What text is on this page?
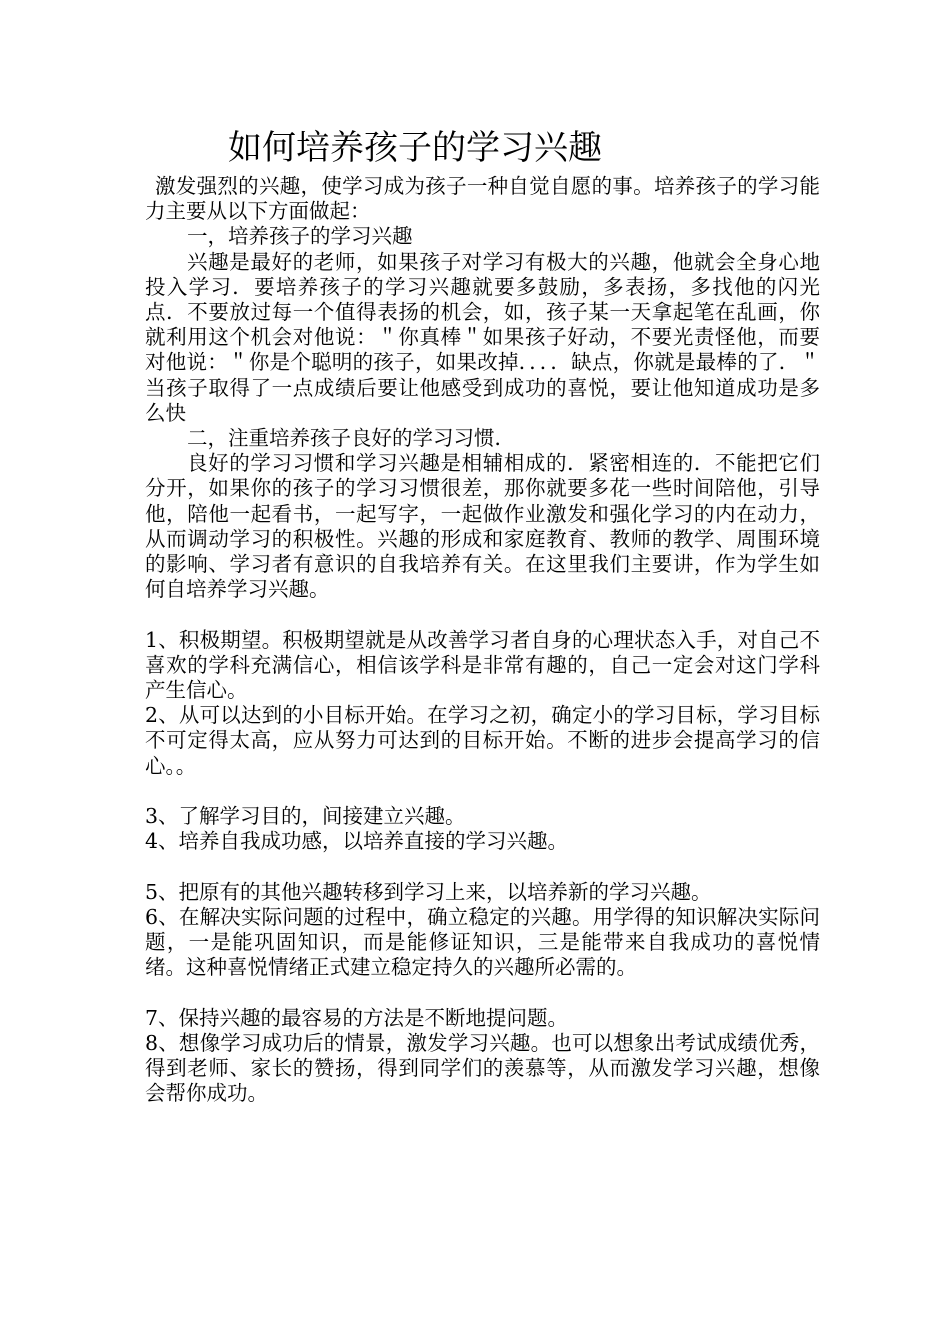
如何培养孩子的学习兴趣

激发强烈的兴趣，使学习成为孩子一种自觉自愿的事。培养孩子的学习能力主要从以下方面做起：

一，培养孩子的学习兴趣

兴趣是最好的老师，如果孩子对学习有极大的兴趣，他就会全身心地投入学习．要培养孩子的学习兴趣就要多鼓励，多表扬，多找他的闪光点．不要放过每一个值得表扬的机会，如，孩子某一天拿起笔在乱画，你就利用这个机会对他说：＂你真棒＂如果孩子好动，不要光责怪他，而要对他说：＂你是个聪明的孩子，如果改掉．．．．缺点，你就是最棒的了．＂当孩子取得了一点成绩后要让他感受到成功的喜悦，要让他知道成功是多么快

二，注重培养孩子良好的学习习惯．

良好的学习习惯和学习兴趣是相辅相成的．紧密相连的．不能把它们分开，如果你的孩子的学习习惯很差，那你就要多花一些时间陪他，引导他，陪他一起看书，一起写字，一起做作业激发和强化学习的内在动力，从而调动学习的积极性。兴趣的形成和家庭教育、教师的教学、周围环境的影响、学习者有意识的自我培养有关。在这里我们主要讲，作为学生如何自培养学习兴趣。

1、积极期望。积极期望就是从改善学习者自身的心理状态入手，对自己不喜欢的学科充满信心，相信该学科是非常有趣的，自己一定会对这门学科产生信心。

2、从可以达到的小目标开始。在学习之初，确定小的学习目标，学习目标不可定得太高，应从努力可达到的目标开始。不断的进步会提高学习的信心。。

3、了解学习目的，间接建立兴趣。

4、培养自我成功感，以培养直接的学习兴趣。

5、把原有的其他兴趣转移到学习上来，以培养新的学习兴趣。

6、在解决实际问题的过程中，确立稳定的兴趣。用学得的知识解决实际问题，一是能巩固知识，而是能修证知识，三是能带来自我成功的喜悦情绪。这种喜悦情绪正式建立稳定持久的兴趣所必需的。

7、保持兴趣的最容易的方法是不断地提问题。

8、想像学习成功后的情景，激发学习兴趣。也可以想象出考试成绩优秀，得到老师、家长的赞扬，得到同学们的羡慕等，从而激发学习兴趣，想像会帮你成功。
